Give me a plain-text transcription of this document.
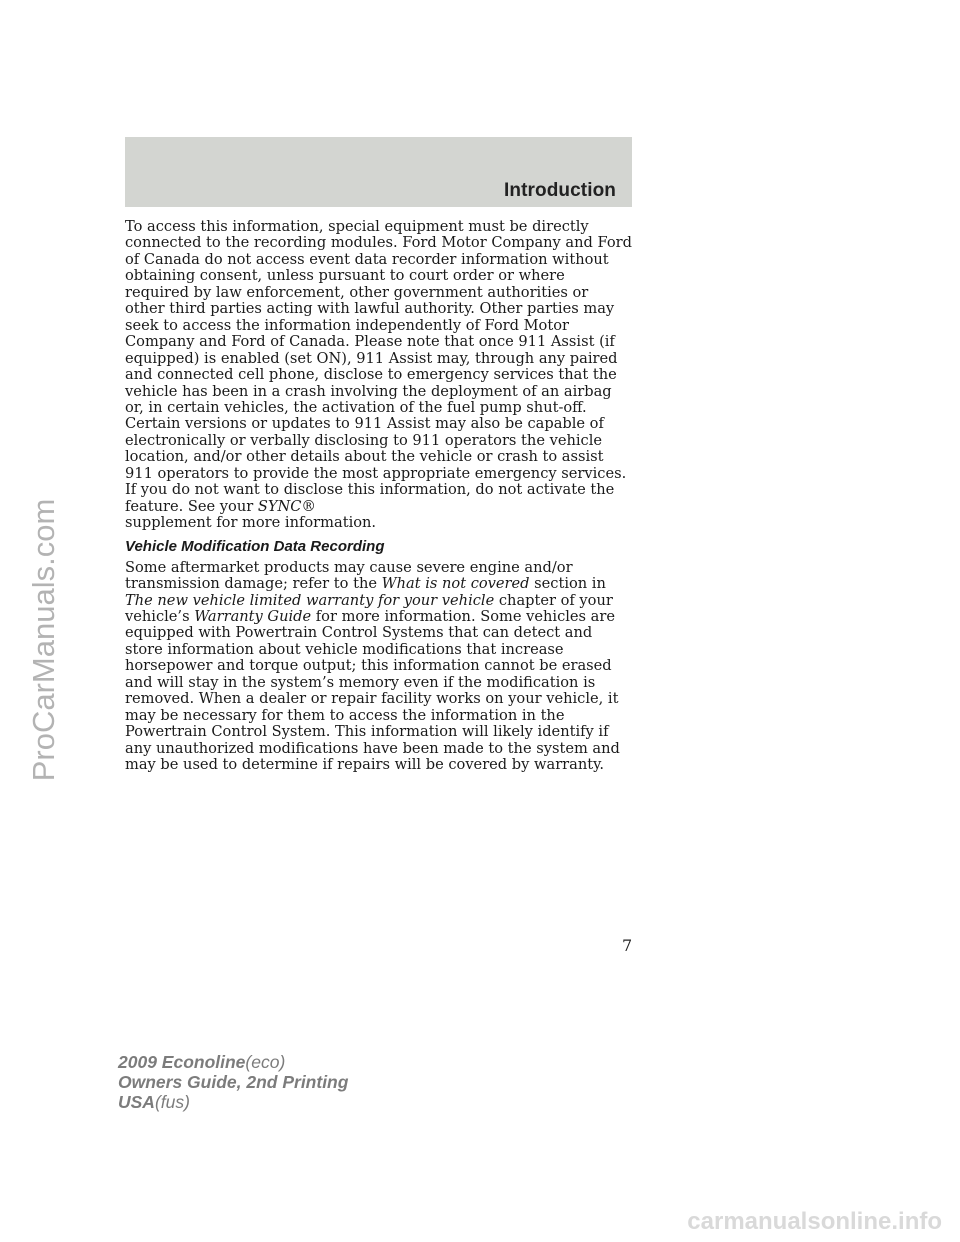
Introduction

To access this information, special equipment must be directly connected to the recording modules. Ford Motor Company and Ford of Canada do not access event data recorder information without obtaining consent, unless pursuant to court order or where required by law enforcement, other government authorities or other third parties acting with lawful authority. Other parties may seek to access the information independently of Ford Motor Company and Ford of Canada. Please note that once 911 Assist (if equipped) is enabled (set ON), 911 Assist may, through any paired and connected cell phone, disclose to emergency services that the vehicle has been in a crash involving the deployment of an airbag or, in certain vehicles, the activation of the fuel pump shut-off. Certain versions or updates to 911 Assist may also be capable of electronically or verbally disclosing to 911 operators the vehicle location, and/or other details about the vehicle or crash to assist 911 operators to provide the most appropriate emergency services. If you do not want to disclose this information, do not activate the feature. See your SYNC®
supplement for more information.

Vehicle Modification Data Recording

Some aftermarket products may cause severe engine and/or transmission damage; refer to the What is not covered section in The new vehicle limited warranty for your vehicle chapter of your vehicle’s Warranty Guide for more information. Some vehicles are equipped with Powertrain Control Systems that can detect and store information about vehicle modifications that increase horsepower and torque output; this information cannot be erased and will stay in the system’s memory even if the modification is removed. When a dealer or repair facility works on your vehicle, it may be necessary for them to access the information in the Powertrain Control System. This information will likely identify if any unauthorized modifications have been made to the system and may be used to determine if repairs will be covered by warranty.

7
2009 Econoline(eco)
Owners Guide, 2nd Printing
USA(fus)
ProCarManuals.com
carmanualsonline.info
